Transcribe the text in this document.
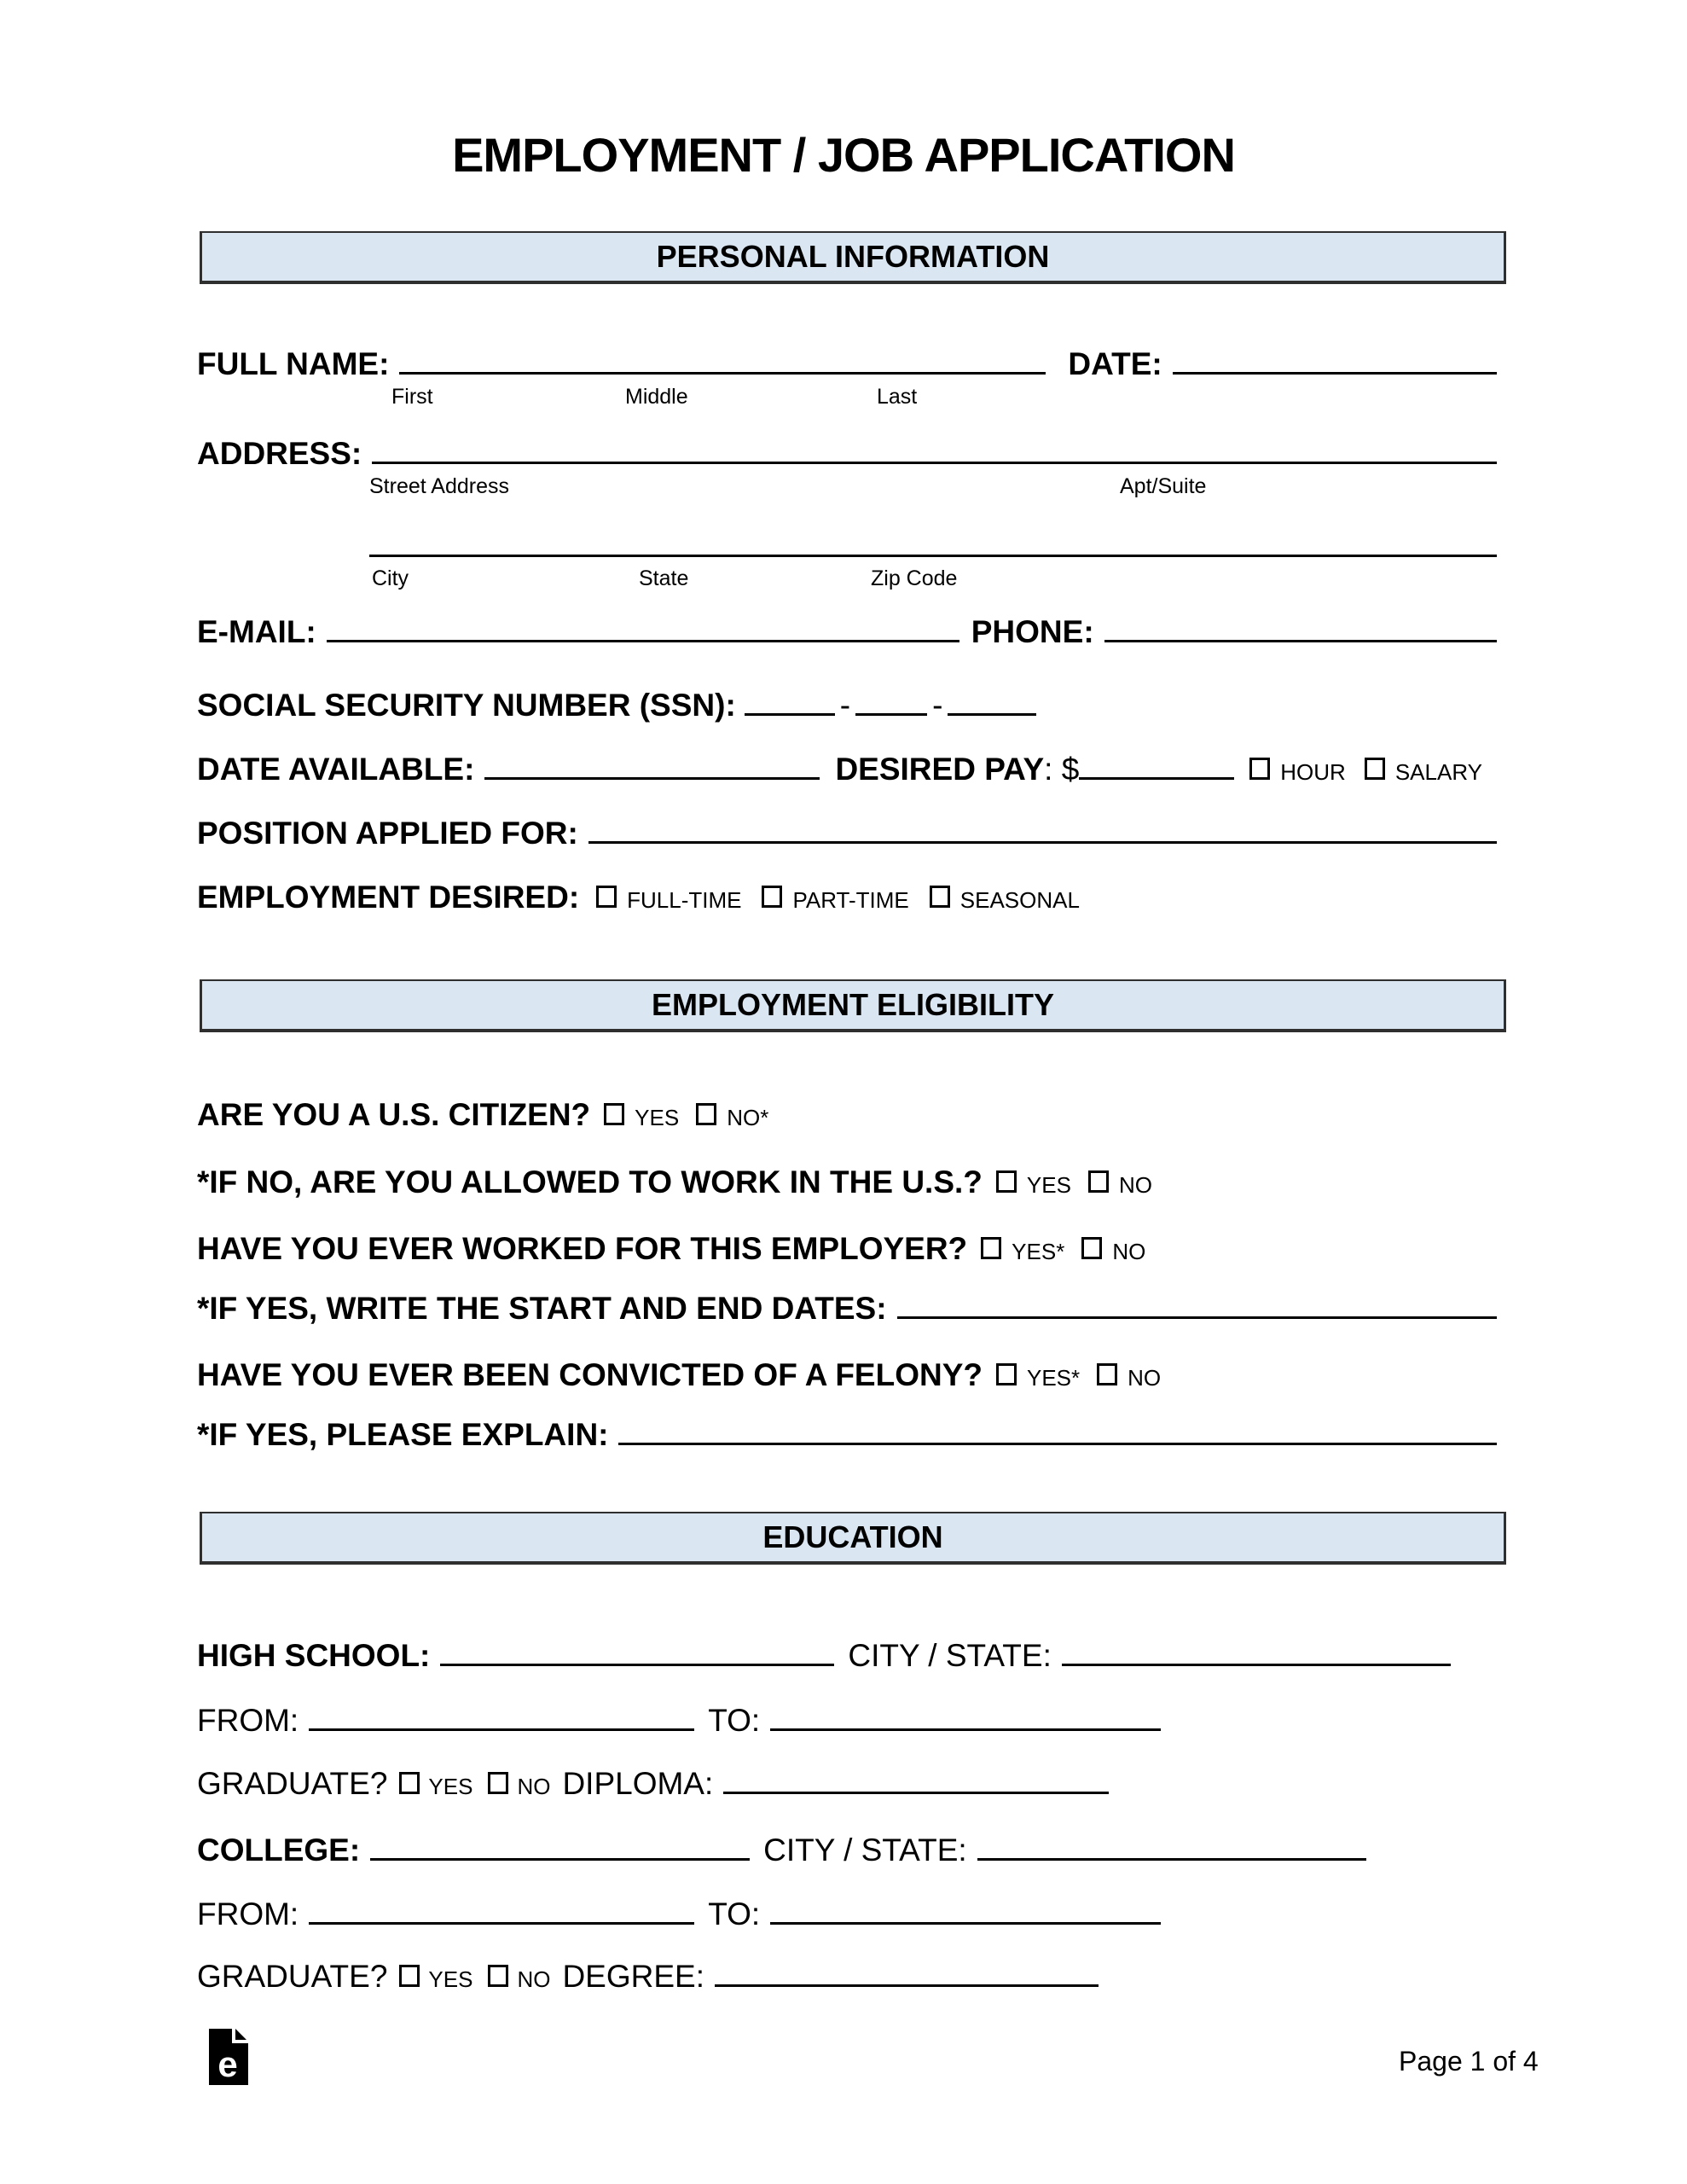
EMPLOYMENT / JOB APPLICATION
PERSONAL INFORMATION
FULL NAME:	DATE:
First	Middle	Last
ADDRESS:
Street Address	Apt/Suite
City	State	Zip Code
E-MAIL:	PHONE:
SOCIAL SECURITY NUMBER (SSN):	-	-
DATE AVAILABLE:	DESIRED PAY : $	HOUR SALARY
POSITION APPLIED FOR:
EMPLOYMENT DESIRED: FULL-TIME PART-TIME SEASONAL
EMPLOYMENT ELIGIBILITY
ARE YOU A U.S. CITIZEN? YES NO*
*IF NO, ARE YOU ALLOWED TO WORK IN THE U.S.? YES NO
HAVE YOU EVER WORKED FOR THIS EMPLOYER? YES* NO
*IF YES, WRITE THE START AND END DATES:
HAVE YOU EVER BEEN CONVICTED OF A FELONY? YES* NO
*IF YES, PLEASE EXPLAIN:
EDUCATION
HIGH SCHOOL:	CITY / STATE:
FROM:	TO:
GRADUATE? YES NO DIPLOMA:
COLLEGE:	CITY / STATE:
FROM:	TO:
GRADUATE? YES NO DEGREE:
e	Page 1 of 4
